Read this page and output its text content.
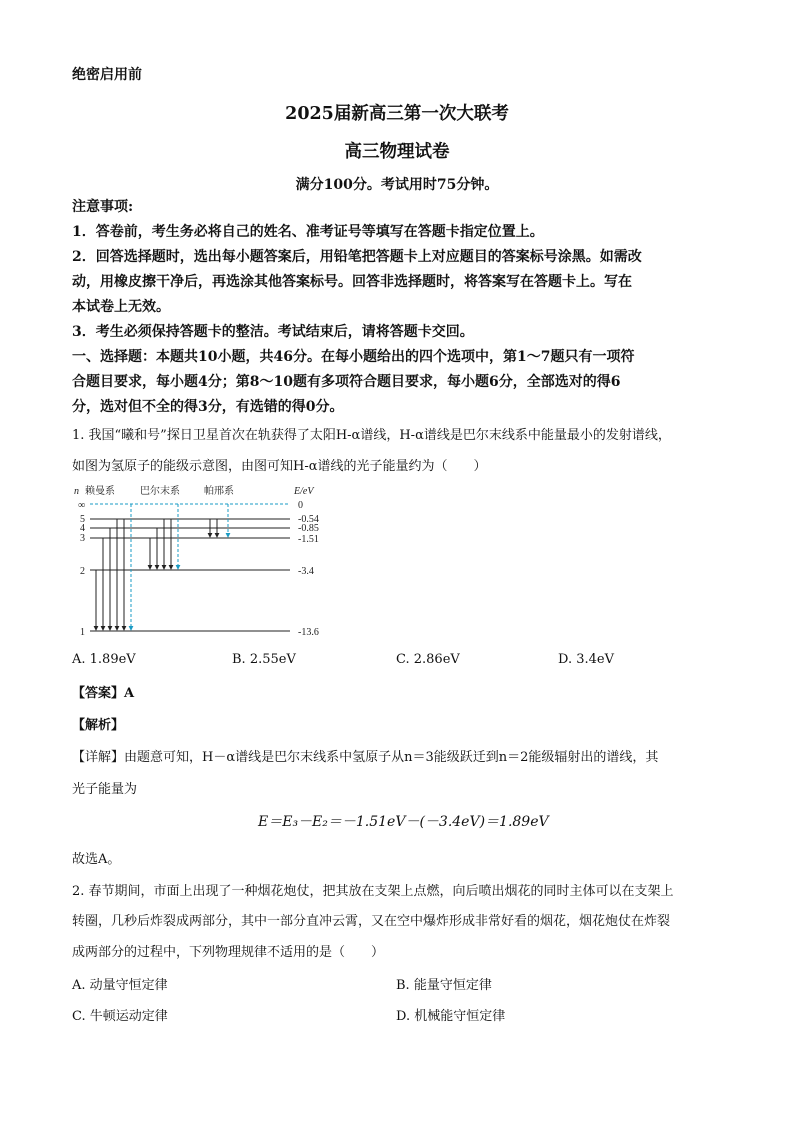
绝密启用前
2025届新高三第一次大联考
高三物理试卷
满分100分。考试用时75分钟。
注意事项:
1．答卷前，考生务必将自己的姓名、准考证号等填写在答题卡指定位置上。
2．回答选择题时，选出每小题答案后，用铅笔把答题卡上对应题目的答案标号涂黑。如需改
动，用橡皮擦干净后，再选涂其他答案标号。回答非选择题时，将答案写在答题卡上。写在
本试卷上无效。
3．考生必须保持答题卡的整洁。考试结束后，请将答题卡交回。
一、选择题：本题共10小题，共46分。在每小题给出的四个选项中，第1～7题只有一项符
合题目要求，每小题4分；第8～10题有多项符合题目要求，每小题6分，全部选对的得6
分，选对但不全的得3分，有选错的得0分。
1. 我国“曦和号”探日卫星首次在轨获得了太阳H-α谱线，H-α谱线是巴尔末线系中能量最小的发射谱线，
如图为氢原子的能级示意图，由图可知H-α谱线的光子能量约为（　　）
n 赖曼系	巴尔末系 帕邢系	E/eV
∞
5
4
3
2
1
0
-0.54
-0.85
-1.51
-3.4
-13.6
A. 1.89eV	B. 2.55eV	C. 2.86eV	D. 3.4eV
【答案】A
【解析】
【详解】由题意可知，H－α谱线是巴尔末线系中氢原子从n＝3能级跃迁到n＝2能级辐射出的谱线，其
光子能量为
E＝E₃－E₂＝－1.51eV－(－3.4eV)＝1.89eV
故选A。
2. 春节期间，市面上出现了一种烟花炮仗，把其放在支架上点燃，向后喷出烟花的同时主体可以在支架上
转圈，几秒后炸裂成两部分，其中一部分直冲云霄，又在空中爆炸形成非常好看的烟花，烟花炮仗在炸裂
成两部分的过程中，下列物理规律不适用的是（　　）
A. 动量守恒定律	B. 能量守恒定律
C. 牛顿运动定律	D. 机械能守恒定律
